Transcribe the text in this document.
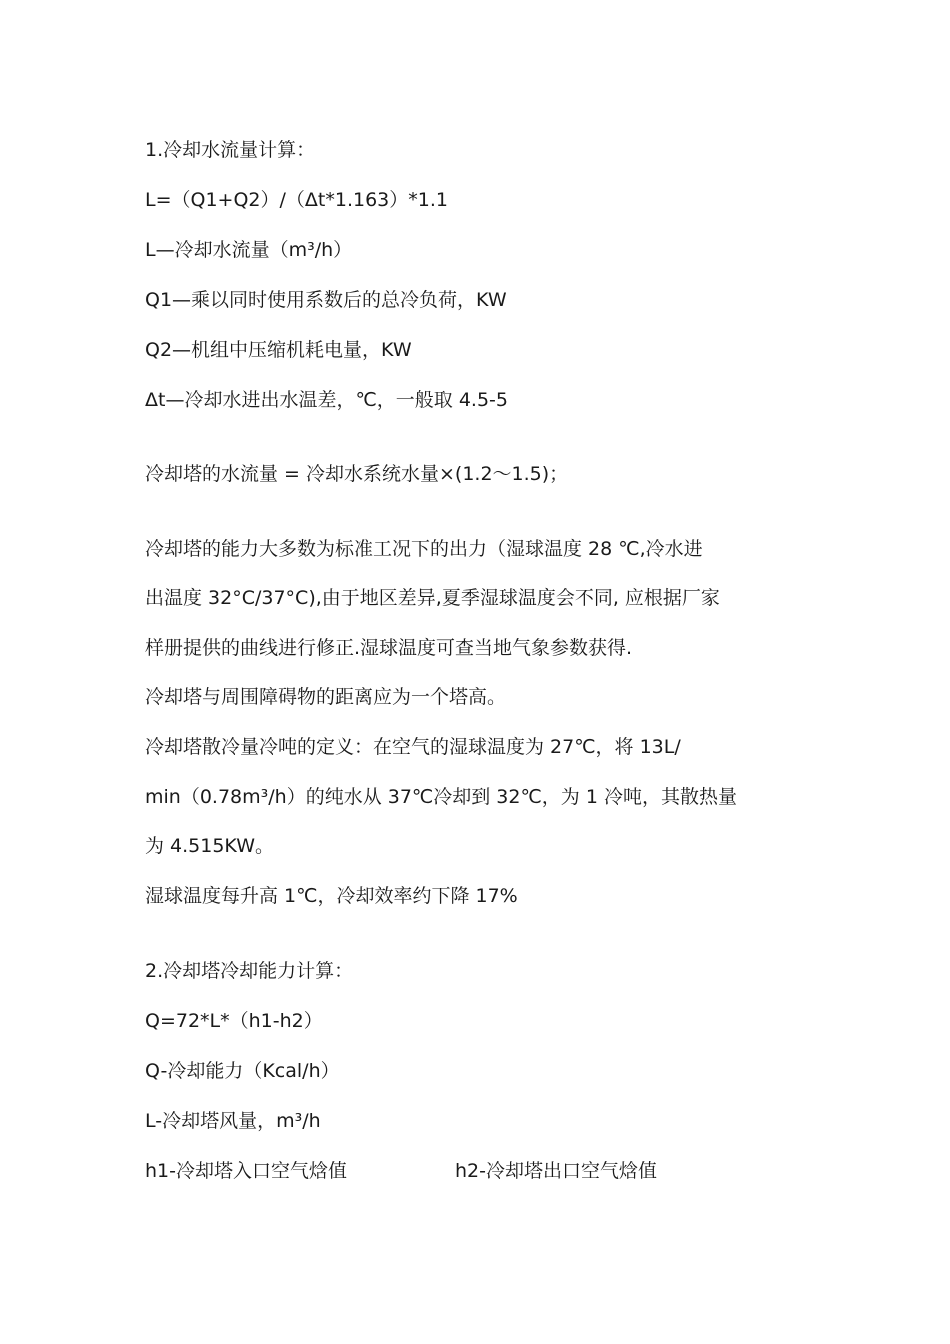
1.冷却水流量计算：
L=（Q1+Q2）/（Δt*1.163）*1.1
L—冷却水流量（m³/h）
Q1—乘以同时使用系数后的总冷负荷，KW
Q2—机组中压缩机耗电量，KW
Δt—冷却水进出水温差，℃，一般取 4.5-5
冷却塔的水流量 = 冷却水系统水量×(1.2～1.5)；
冷却塔的能力大多数为标准工况下的出力（湿球温度 28 ℃,冷水进
出温度 32°C/37°C),由于地区差异,夏季湿球温度会不同, 应根据厂家
样册提供的曲线进行修正.湿球温度可查当地气象参数获得.
冷却塔与周围障碍物的距离应为一个塔高。
冷却塔散冷量冷吨的定义：在空气的湿球温度为 27℃，将 13L/
min（0.78m³/h）的纯水从 37℃冷却到 32℃，为 1 冷吨，其散热量
为 4.515KW。
湿球温度每升高 1℃，冷却效率约下降 17%
2.冷却塔冷却能力计算：
Q=72*L*（h1-h2）
Q-冷却能力（Kcal/h）
L-冷却塔风量，m³/h
h1-冷却塔入口空气焓值	h2-冷却塔出口空气焓值
